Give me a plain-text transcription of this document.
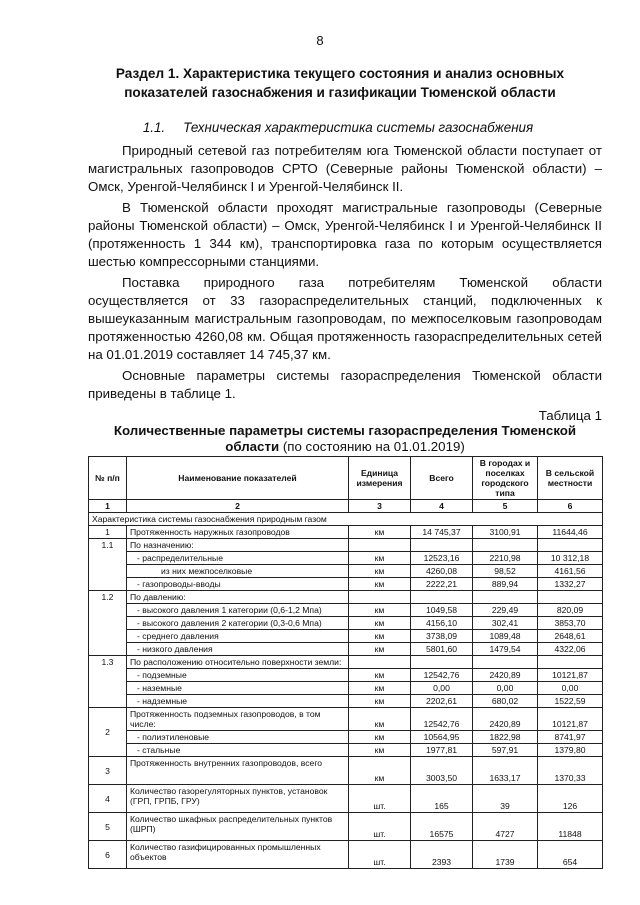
8
Раздел 1. Характеристика текущего состояния и анализ основных показателей газоснабжения и газификации Тюменской области
1.1. Техническая характеристика системы газоснабжения

Природный сетевой газ потребителям юга Тюменской области поступает от магистральных газопроводов СРТО (Северные районы Тюменской области) – Омск, Уренгой-Челябинск I и Уренгой-Челябинск II.

В Тюменской области проходят магистральные газопроводы (Северные районы Тюменской области) – Омск, Уренгой-Челябинск I и Уренгой-Челябинск II (протяженность 1 344 км), транспортировка газа по которым осуществляется шестью компрессорными станциями.

Поставка природного газа потребителям Тюменской области осуществляется от 33 газораспределительных станций, подключенных к вышеуказанным магистральным газопроводам, по межпоселковым газопроводам протяженностью 4260,08 км. Общая протяженность газораспределительных сетей на 01.01.2019 составляет 14 745,37 км.

Основные параметры системы газораспределения Тюменской области приведены в таблице 1.

Таблица 1
Количественные параметры системы газораспределения Тюменской области (по состоянию на 01.01.2019)
№ п/п	Наименование показателей	Единица измерения	Всего	В городах и поселках городского типа	В сельской местности
1	2	3	4	5	6
Характеристика системы газоснабжения природным газом					
1	Протяженность наружных газопроводов	км	14 745,37	3100,91	11644,46
1.1	По назначению:				
	- распределительные	км	12523,16	2210,98	10 312,18
	из них межпоселковые	км	4260,08	98,52	4161,56
	- газопроводы-вводы	км	2222,21	889,94	1332,27
1.2	По давлению:				
	- высокого давления 1 категории (0,6-1,2 Мпа)	км	1049,58	229,49	820,09
	- высокого давления 2 категории (0,3-0,6 Мпа)	км	4156,10	302,41	3853,70
	- среднего давления	км	3738,09	1089,48	2648,61
	- низкого давления	км	5801,60	1479,54	4322,06
1.3	По расположению относительно поверхности земли:				
	- подземные	км	12542,76	2420,89	10121,87
	- наземные	км	0,00	0,00	0,00
	- надземные	км	2202,61	680,02	1522,59
2	Протяженность подземных газопроводов, в том числе:	км	12542,76	2420,89	10121,87
	- полиэтиленовые	км	10564,95	1822,98	8741,97
	- стальные	км	1977,81	597,91	1379,80
3	Протяженность внутренних газопроводов, всего	км	3003,50	1633,17	1370,33
4	Количество газорегуляторных пунктов, установок (ГРП, ГРПБ, ГРУ)	шт.	165	39	126
5	Количество шкафных распределительных пунктов (ШРП)	шт.	16575	4727	11848
6	Количество газифицированных промышленных объектов	шт.	2393	1739	654
